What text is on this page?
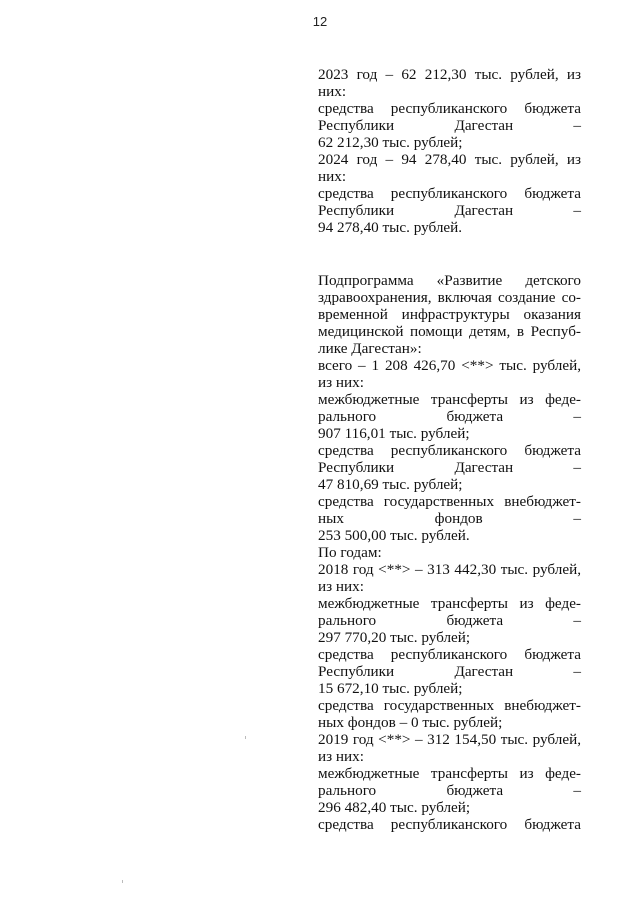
12
2023 год – 62 212,30 тыс. рублей, из
них:
средства республиканского бюджета
Республики Дагестан –
62 212,30 тыс. рублей;
2024 год – 94 278,40 тыс. рублей, из
них:
средства республиканского бюджета
Республики Дагестан –
94 278,40 тыс. рублей.
Подпрограмма «Развитие детского
здравоохранения, включая создание со-
временной инфраструктуры оказания
медицинской помощи детям, в Респуб-
лике Дагестан»:
всего – 1 208 426,70 <**> тыс. рублей,
из них:
межбюджетные трансферты из феде-
рального бюджета –
907 116,01 тыс. рублей;
средства республиканского бюджета
Республики Дагестан –
47 810,69 тыс. рублей;
средства государственных внебюджет-
ных фондов –
253 500,00 тыс. рублей.
По годам:
2018 год <**> – 313 442,30 тыс. рублей,
из них:
межбюджетные трансферты из феде-
рального бюджета –
297 770,20 тыс. рублей;
средства республиканского бюджета
Республики Дагестан –
15 672,10 тыс. рублей;
средства государственных внебюджет-
ных фондов – 0 тыс. рублей;
2019 год <**> – 312 154,50 тыс. рублей,
из них:
межбюджетные трансферты из феде-
рального бюджета –
296 482,40 тыс. рублей;
средства республиканского бюджета
